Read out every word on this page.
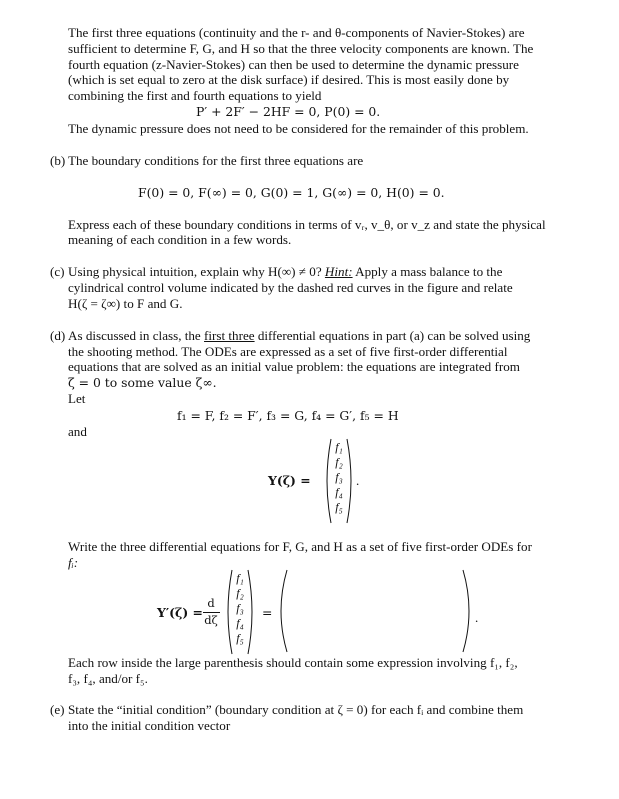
The first three equations (continuity and the r- and θ-components of Navier-Stokes) are
sufficient to determine F, G, and H so that the three velocity components are known. The
fourth equation (z-Navier-Stokes) can then be used to determine the dynamic pressure
(which is set equal to zero at the disk surface) if desired. This is most easily done by
combining the first and fourth equations to yield
P′ + 2F′ − 2HF = 0, P(0) = 0.
The dynamic pressure does not need to be considered for the remainder of this problem.
(b) The boundary conditions for the first three equations are
F(0) = 0, F(∞) = 0, G(0) = 1, G(∞) = 0, H(0) = 0.
Express each of these boundary conditions in terms of vᵣ, v_θ, or v_z and state the physical
meaning of each condition in a few words.
(c) Using physical intuition, explain why H(∞) ≠ 0? Hint: Apply a mass balance to the
cylindrical control volume indicated by the dashed red curves in the figure and relate
H(ζ = ζ∞) to F and G.
(d) As discussed in class, the first three differential equations in part (a) can be solved using
the shooting method. The ODEs are expressed as a set of five first-order differential
equations that are solved as an initial value problem: the equations are integrated from
ζ = 0 to some value ζ∞.
Let
f₁ = F, f₂ = F′, f₃ = G, f₄ = G′, f₅ = H
and
Y(ζ) =
f₁
f₂
f₃
f₄
f₅
.
Write the three differential equations for F, G, and H as a set of five first-order ODEs for
fᵢ:
Y′(ζ) =
d
dζ
f₁
f₂
f₃
f₄
f₅
=	.
Each row inside the large parenthesis should contain some expression involving f₁, f₂,
f₃, f₄, and/or f₅.
(e) State the “initial condition” (boundary condition at ζ = 0) for each fᵢ and combine them
into the initial condition vector
